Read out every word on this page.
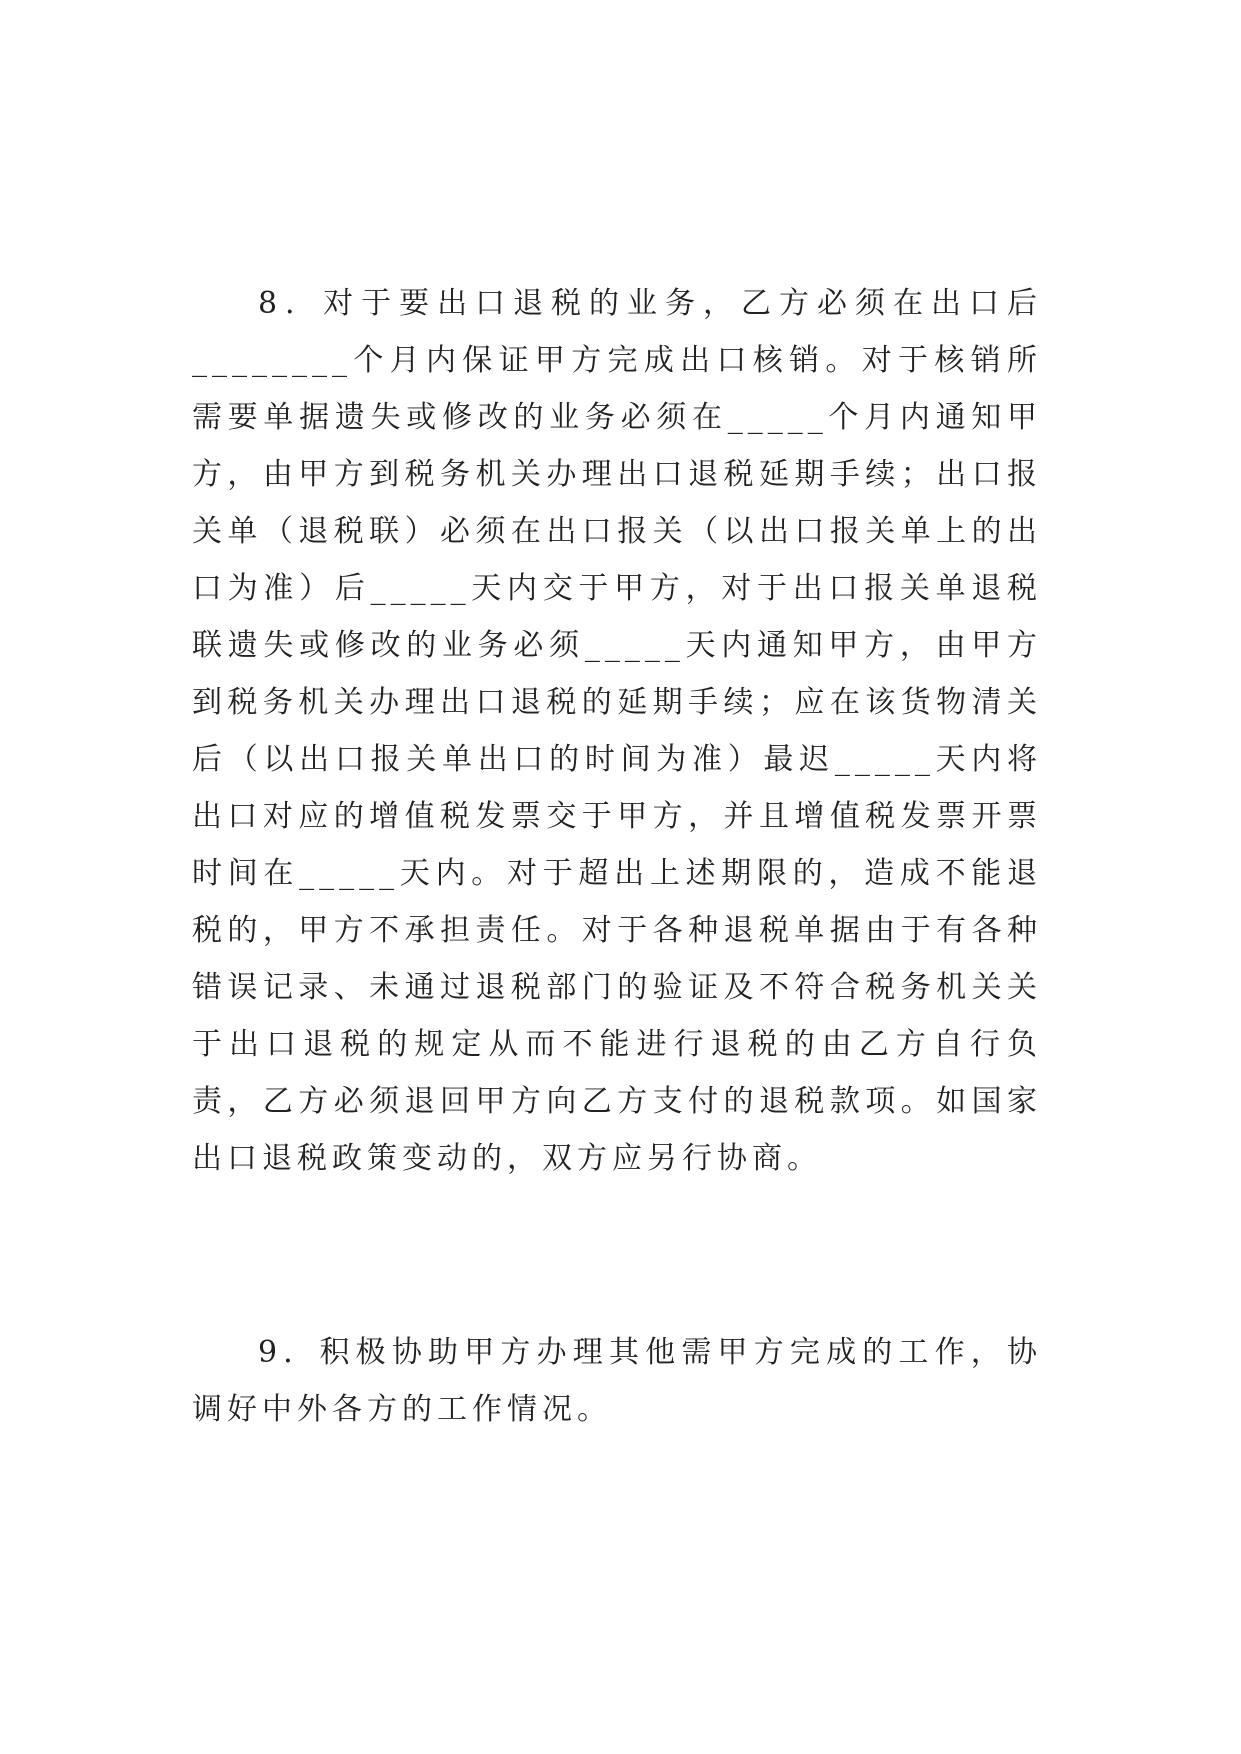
8．对于要出口退税的业务，乙方必须在出口后________个月内保证甲方完成出口核销。对于核销所需要单据遗失或修改的业务必须在_____个月内通知甲方，由甲方到税务机关办理出口退税延期手续；出口报关单（退税联）必须在出口报关（以出口报关单上的出口为准）后_____天内交于甲方，对于出口报关单退税联遗失或修改的业务必须_____天内通知甲方，由甲方到税务机关办理出口退税的延期手续；应在该货物清关后（以出口报关单出口的时间为准）最迟_____天内将出口对应的增值税发票交于甲方，并且增值税发票开票时间在_____天内。对于超出上述期限的，造成不能退税的，甲方不承担责任。对于各种退税单据由于有各种错误记录、未通过退税部门的验证及不符合税务机关关于出口退税的规定从而不能进行退税的由乙方自行负责，乙方必须退回甲方向乙方支付的退税款项。如国家出口退税政策变动的，双方应另行协商。

9．积极协助甲方办理其他需甲方完成的工作，协调好中外各方的工作情况。
